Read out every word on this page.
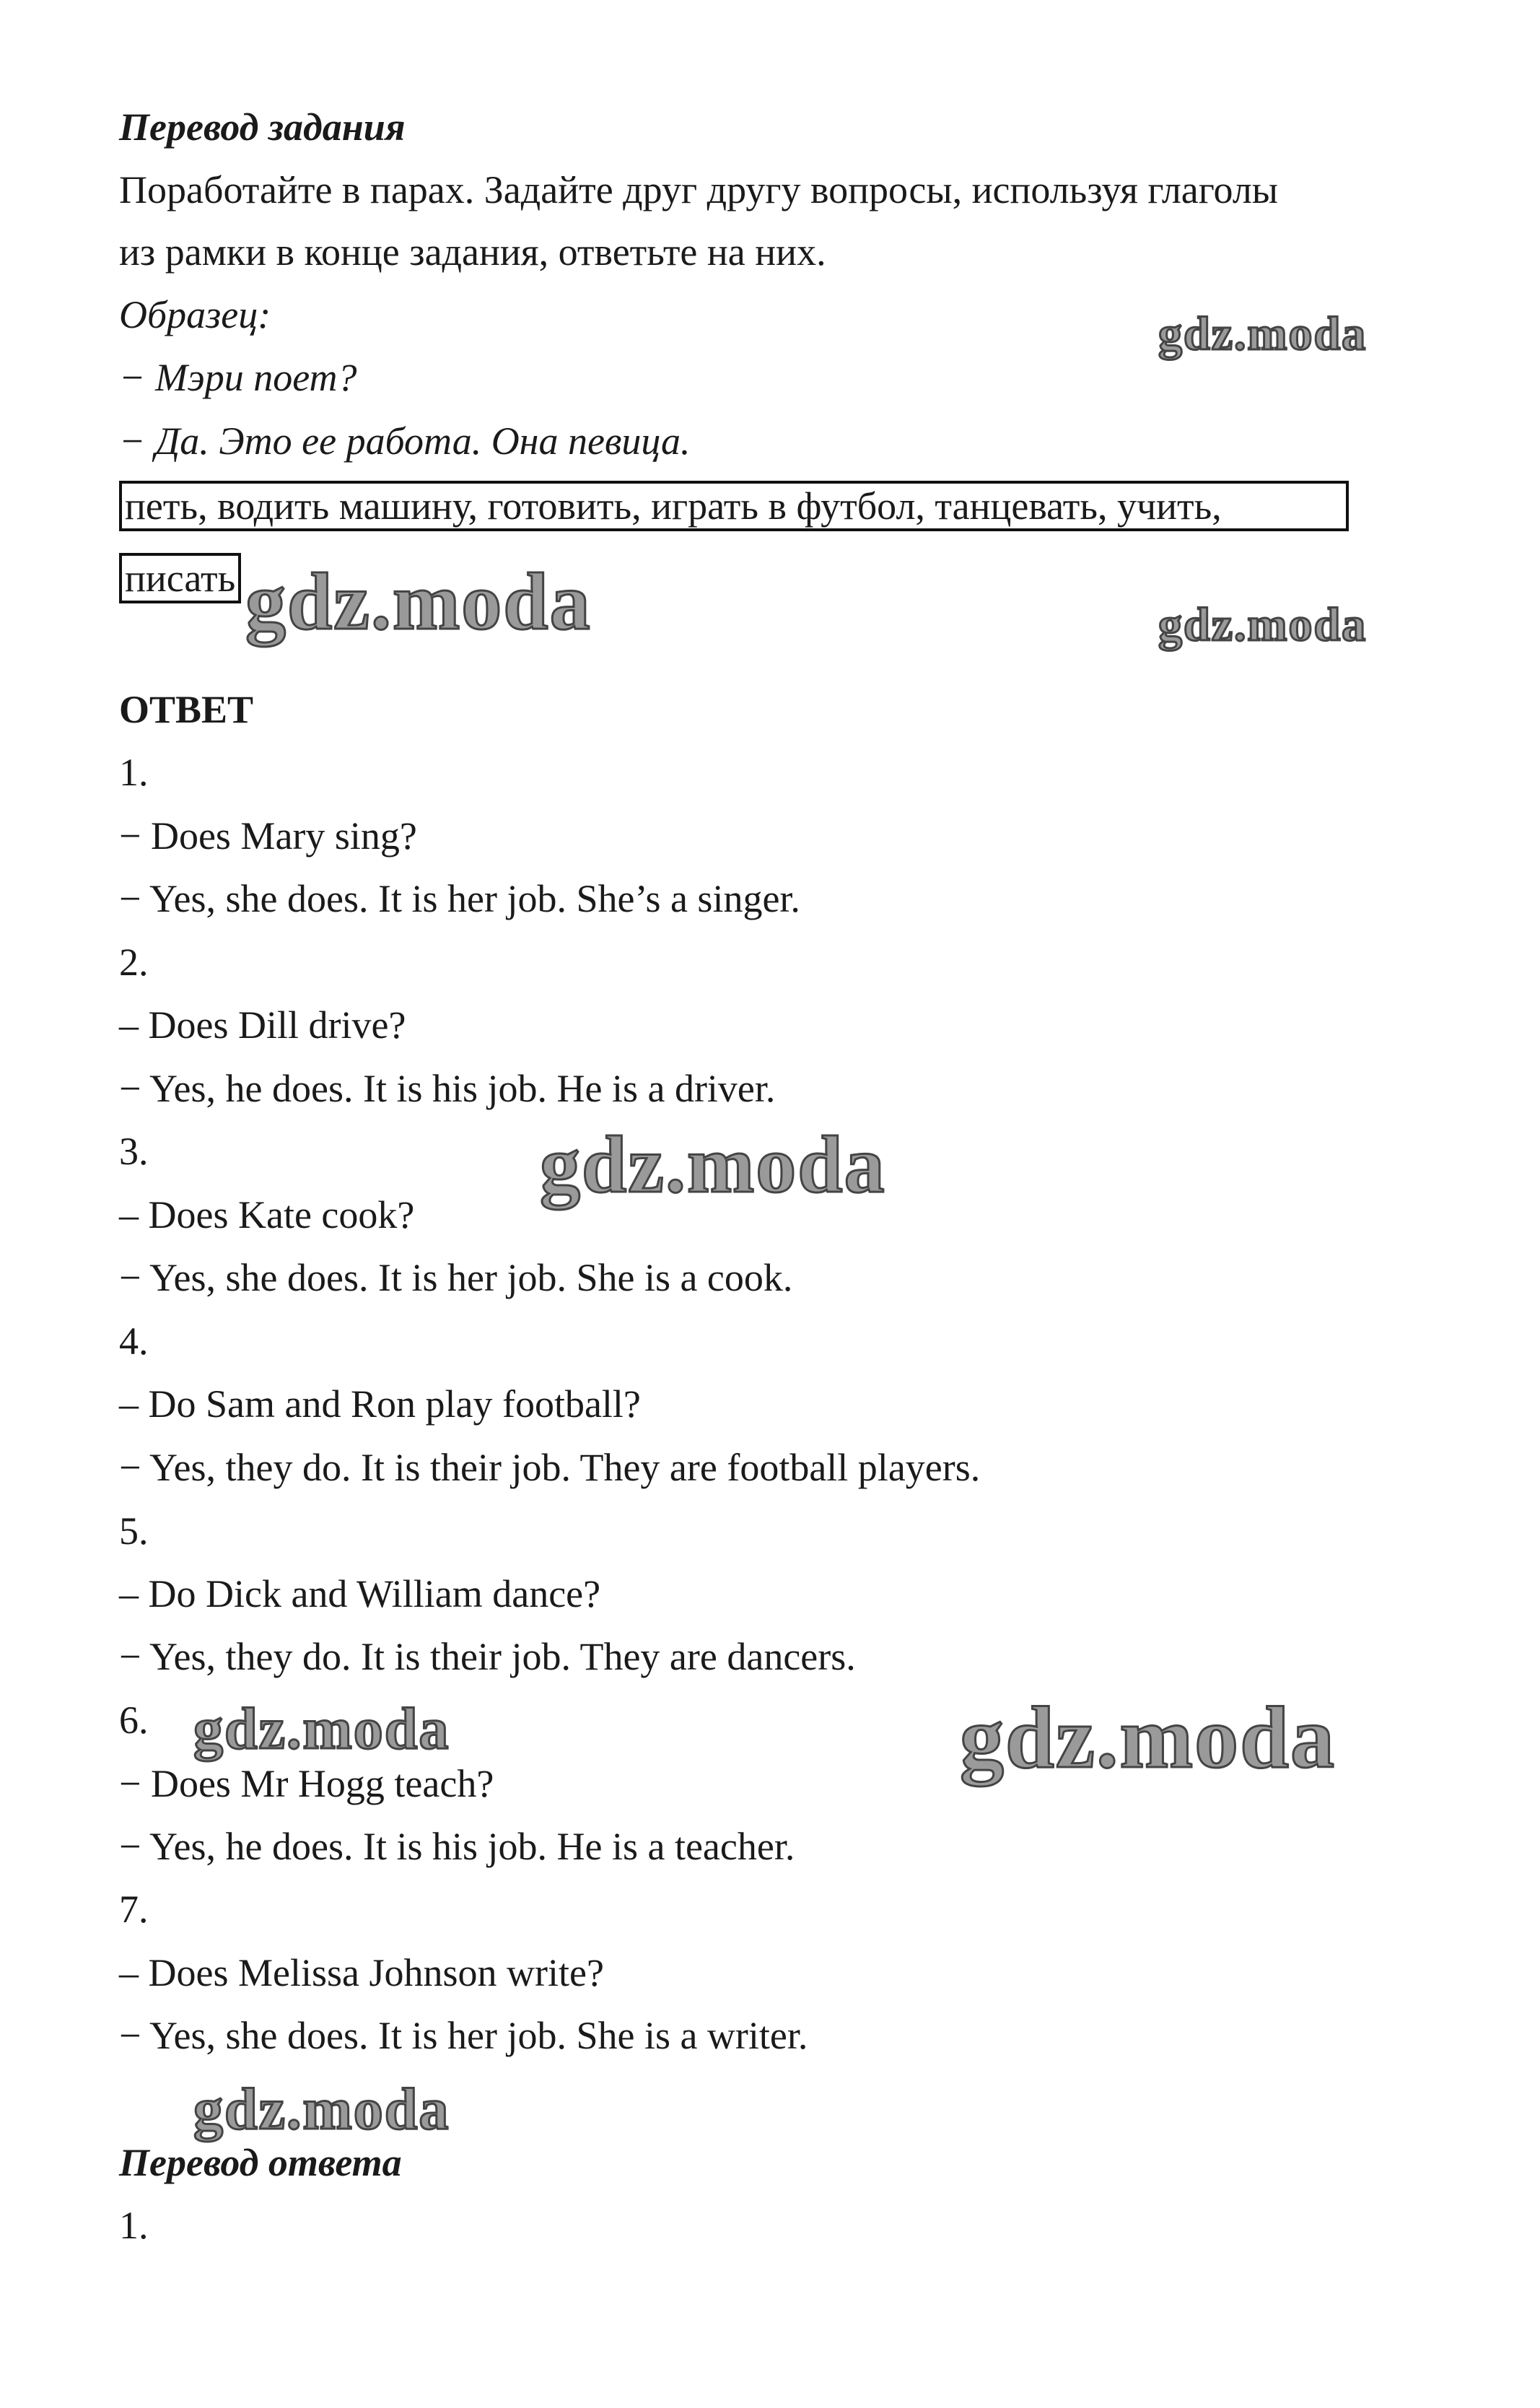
Перевод задания
Поработайте в парах. Задайте друг другу вопросы, используя глаголы
из рамки в конце задания, ответьте на них.
Образец:
− Мэри поет?
− Да. Это ее работа. Она певица.
петь, водить машину, готовить, играть в футбол, танцевать, учить,
писать
ОТВЕТ
1.
− Does Mary sing?
− Yes, she does. It is her job. She’s a singer.
2.
– Does Dill drive?
− Yes, he does. It is his job. He is a driver.
3.
– Does Kate cook?
− Yes, she does. It is her job. She is a cook.
4.
– Do Sam and Ron play football?
− Yes, they do. It is their job. They are football players.
5.
– Do Dick and William dance?
− Yes, they do. It is their job. They are dancers.
6.
− Does Mr Hogg teach?
− Yes, he does. It is his job. He is a teacher.
7.
– Does Melissa Johnson write?
− Yes, she does. It is her job. She is a writer.
Перевод ответа
1.
gdz.moda
gdz.moda	gdz.moda
gdz.moda
gdz.moda	gdz.moda
gdz.moda
